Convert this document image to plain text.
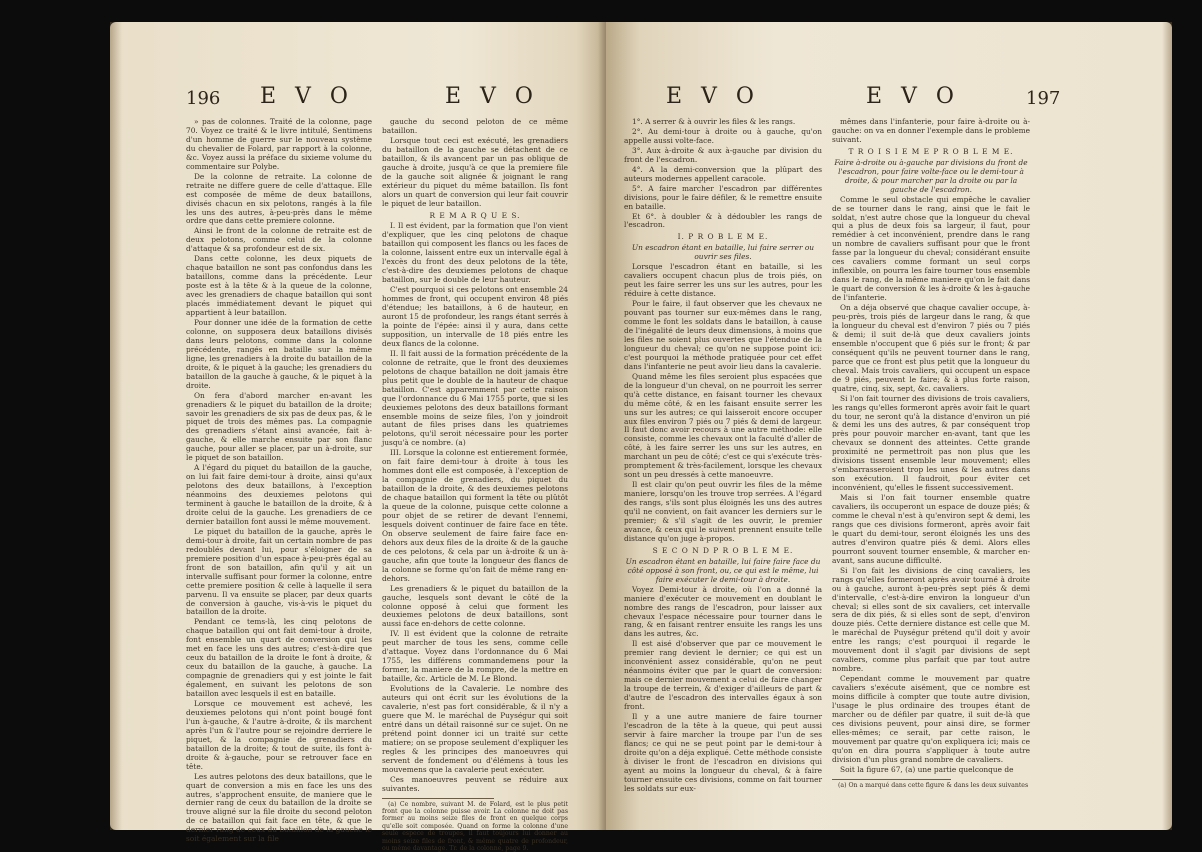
196 E V O	E V O

» pas de colonnes. Traité de la colonne, page 70. Voyez ce traité & le livre intitulé, Sentimens d'un homme de guerre sur le nouveau système du chevalier de Folard, par rapport à la colonne, &c. Voyez aussi la préface du sixieme volume du commentaire sur Polybe.

De la colonne de retraite. La colonne de retraite ne differe guere de celle d'attaque. Elle est composée de même de deux bataillons, divisés chacun en six pelotons, rangés à la file les uns des autres, à-peu-près dans le même ordre que dans cette premiere colonne.

Ainsi le front de la colonne de retraite est de deux pelotons, comme celui de la colonne d'attaque & sa profondeur est de six.

Dans cette colonne, les deux piquets de chaque bataillon ne sont pas confondus dans les bataillons, comme dans la précédente. Leur poste est à la tête & à la queue de la colonne, avec les grenadiers de chaque bataillon qui sont placés immédiatement devant le piquet qui appartient à leur bataillon.

Pour donner une idée de la formation de cette colonne, on supposera deux bataillons divisés dans leurs pelotons, comme dans la colonne précédente, rangés en bataille sur la même ligne, les grenadiers à la droite du bataillon de la droite, & le piquet à la gauche; les grenadiers du bataillon de la gauche à gauche, & le piquet à la droite.

On fera d'abord marcher en-avant les grenadiers & le piquet du bataillon de la droite; savoir les grenadiers de six pas de deux pas, & le piquet de trois des mêmes pas. La compagnie des grenadiers s'étant ainsi avancée, fait à-gauche, & elle marche ensuite par son flanc gauche, pour aller se placer, par un à-droite, sur le piquet de son bataillon.

A l'égard du piquet du bataillon de la gauche, on lui fait faire demi-tour à droite, ainsi qu'aux pelotons des deux bataillons, à l'exception néanmoins des deuxiemes pelotons qui terminent à gauche le bataillon de la droite, & à droite celui de la gauche. Les grenadiers de ce dernier bataillon font aussi le même mouvement.

Le piquet du bataillon de la gauche, après le demi-tour à droite, fait un certain nombre de pas redoublés devant lui, pour s'éloigner de sa premiere position d'un espace à-peu-près égal au front de son bataillon, afin qu'il y ait un intervalle suffisant pour former la colonne, entre cette premiere position & celle à laquelle il sera parvenu. Il va ensuite se placer, par deux quarts de conversion à gauche, vis-à-vis le piquet du bataillon de la droite.

Pendant ce tems-là, les cinq pelotons de chaque bataillon qui ont fait demi-tour à droite, font ensemble un quart de conversion qui les met en face les uns des autres; c'est-à-dire que ceux du bataillon de la droite le font à droite, & ceux du bataillon de la gauche, à gauche. La compagnie de grenadiers qui y est jointe le fait également, en suivant les pelotons de son bataillon avec lesquels il est en bataille.

Lorsque ce mouvement est achevé, les deuxiemes pelotons qui n'ont point bougé font l'un à-gauche, & l'autre à-droite, & ils marchent après l'un & l'autre pour se rejoindre derriere le piquet, & la compagnie de grenadiers du bataillon de la droite; & tout de suite, ils font à-droite & à-gauche, pour se retrouver face en tête.

Les autres pelotons des deux bataillons, que le quart de conversion a mis en face les uns des autres, s'approchent ensuite, de maniere que le dernier rang de ceux du bataillon de la droite se trouve aligné sur la file droite du second peloton de ce bataillon qui fait face en tête, & que le dernier rang de ceux du bataillon de la gauche le soit également sur la file

gauche du second peloton de ce même bataillon.

Lorsque tout ceci est exécuté, les grenadiers du bataillon de la gauche se détachent de ce bataillon, & ils avancent par un pas oblique de gauche à droite, jusqu'à ce que la premiere file de la gauche soit alignée & joignant le rang extérieur du piquet du même bataillon. Ils font alors un quart de conversion qui leur fait couvrir le piquet de leur bataillon.

R E M A R Q U E S.

I. Il est évident, par la formation que l'on vient d'expliquer, que les cinq pelotons de chaque bataillon qui composent les flancs ou les faces de la colonne, laissent entre eux un intervalle égal à l'excès du front des deux pelotons de la tête, c'est-à-dire des deuxiemes pelotons de chaque bataillon, sur le double de leur hauteur.

C'est pourquoi si ces pelotons ont ensemble 24 hommes de front, qui occupent environ 48 piés d'étendue; les bataillons, à 6 de hauteur, en auront 15 de profondeur, les rangs étant serrés à la pointe de l'épée: ainsi il y aura, dans cette supposition, un intervalle de 18 piés entre les deux flancs de la colonne.

II. Il fait aussi de la formation précédente de la colonne de retraite, que le front des deuxiemes pelotons de chaque bataillon ne doit jamais être plus petit que le double de la hauteur de chaque bataillon. C'est apparemment par cette raison que l'ordonnance du 6 Mai 1755 porte, que si les deuxiemes pelotons des deux bataillons formant ensemble moins de seize files, l'on y joindroit autant de files prises dans les quatriemes pelotons, qu'il seroit nécessaire pour les porter jusqu'à ce nombre. (a)

III. Lorsque la colonne est entierement formée, on fait faire demi-tour à droite à tous les hommes dont elle est composée, à l'exception de la compagnie de grenadiers, du piquet du bataillon de la droite, & des deuxiemes pelotons de chaque bataillon qui forment la tête ou plûtôt la queue de la colonne, puisque cette colonne a pour objet de se retirer de devant l'ennemi, lesquels doivent continuer de faire face en tête. On observe seulement de faire faire face en-dehors aux deux files de la droite & de la gauche de ces pelotons, & cela par un à-droite & un à-gauche, afin que toute la longueur des flancs de la colonne se forme qu'on fait de même rang en-dehors.

Les grenadiers & le piquet du bataillon de la gauche, lesquels sont devant le côté de la colonne opposé à celui que forment les deuxiemes pelotons de deux bataillons, sont aussi face en-dehors de cette colonne.

IV. Il est évident que la colonne de retraite peut marcher de tous les sens, comme celle d'attaque. Voyez dans l'ordonnance du 6 Mai 1755, les différens commandemens pour la former, la maniere de la rompre, de la mettre en bataille, &c. Article de M. Le Blond.

Evolutions de la Cavalerie. Le nombre des auteurs qui ont écrit sur les évolutions de la cavalerie, n'est pas fort considérable, & il n'y a guere que M. le maréchal de Puységur qui soit entré dans un détail raisonné sur ce sujet. On ne prétend point donner ici un traité sur cette matiere; on se propose seulement d'expliquer les regles & les principes des manoeuvres qui servent de fondement ou d'élémens à tous les mouvemens que la cavalerie peut exécuter.

Ces manoeuvres peuvent se réduire aux suivantes.

(a) Ce nombre, suivant M. de Folard, est le plus petit front que la colonne puisse avoir. La colonne ne doit pas former au moins seize files de front en quelque corps qu'elle soit composée. Quand on forme la colonne d'une seule espece de troupes, il faut toûjours lui donner au moins seize files de front, & même quatre de profondeur, ou même davantage. Tr. de la colonne, page 9.

E V O	E V O	197

1°. A serrer & à ouvrir les files & les rangs.

2°. Au demi-tour à droite ou à gauche, qu'on appelle aussi volte-face.

3°. Aux à-droite & aux à-gauche par division du front de l'escadron.

4°. A la demi-conversion que la plûpart des auteurs modernes appellent caracole.

5°. A faire marcher l'escadron par différentes divisions, pour le faire défiler, & le remettre ensuite en bataille.

Et 6°. à doubler & à dédoubler les rangs de l'escadron.

I. P R O B L E M E.

Un escadron étant en bataille, lui faire serrer ou ouvrir ses files.

Lorsque l'escadron étant en bataille, si les cavaliers occupent chacun plus de trois piés, on peut les faire serrer les uns sur les autres, pour les réduire à cette distance.

Pour le faire, il faut observer que les chevaux ne pouvant pas tourner sur eux-mêmes dans le rang, comme le font les soldats dans le bataillon, à cause de l'inégalité de leurs deux dimensions, à moins que les files ne soient plus ouvertes que l'étendue de la longueur du cheval; ce qu'on ne suppose point ici: c'est pourquoi la méthode pratiquée pour cet effet dans l'infanterie ne peut avoir lieu dans la cavalerie.

Quand même les files seroient plus espacées que de la longueur d'un cheval, on ne pourroit les serrer qu'à cette distance, en faisant tourner les chevaux du même côté, & en les faisant ensuite serrer les uns sur les autres; ce qui laisseroit encore occuper aux files environ 7 piés ou 7 piés & demi de largeur. Il faut donc avoir recours à une autre méthode: elle consiste, comme les chevaux ont la faculté d'aller de côté, à les faire serrer les uns sur les autres, en marchant un peu de côté; c'est ce qui s'exécute très-promptement & très-facilement, lorsque les chevaux sont un peu dressés à cette manoeuvre.

Il est clair qu'on peut ouvrir les files de la même maniere, lorsqu'on les trouve trop serrées. A l'égard des rangs, s'ils sont plus éloignés les uns des autres qu'il ne convient, on fait avancer les derniers sur le premier; & s'il s'agit de les ouvrir, le premier avance, & ceux qui le suivent prennent ensuite telle distance qu'on juge à-propos.

S E C O N D P R O B L E M E.

Un escadron étant en bataille, lui faire faire face du côté opposé à son front, ou, ce qui est le même, lui faire exécuter le demi-tour à droite.

Voyez Demi-tour à droite, où l'on a donné la maniere d'exécuter ce mouvement en doublant le nombre des rangs de l'escadron, pour laisser aux chevaux l'espace nécessaire pour tourner dans le rang, & en faisant rentrer ensuite les rangs les uns dans les autres, &c.

Il est aisé d'observer que par ce mouvement le premier rang devient le dernier; ce qui est un inconvénient assez considérable, qu'on ne peut néanmoins éviter que par le quart de conversion: mais ce dernier mouvement a celui de faire changer la troupe de terrein, & d'exiger d'ailleurs de part & d'autre de l'escadron des intervalles égaux à son front.

Il y a une autre maniere de faire tourner l'escadron de la tête à la queue, qui peut aussi servir à faire marcher la troupe par l'un de ses flancs; ce qui ne se peut point par le demi-tour à droite qu'on a déja expliqué. Cette méthode consiste à diviser le front de l'escadron en divisions qui ayent au moins la longueur du cheval, & à faire tourner ensuite ces divisions, comme on fait tourner les soldats sur eux-

mêmes dans l'infanterie, pour faire à-droite ou à-gauche: on va en donner l'exemple dans le probleme suivant.

T R O I S I E M E P R O B L E M E.

Faire à-droite ou à-gauche par divisions du front de l'escadron, pour faire volte-face ou le demi-tour à droite, & pour marcher par la droite ou par la gauche de l'escadron.

Comme le seul obstacle qui empêche le cavalier de se tourner dans le rang, ainsi que le fait le soldat, n'est autre chose que la longueur du cheval qui a plus de deux fois sa largeur, il faut, pour remédier à cet inconvénient, prendre dans le rang un nombre de cavaliers suffisant pour que le front fasse par la longueur du cheval; considérant ensuite ces cavaliers comme formant un seul corps inflexible, on pourra les faire tourner tous ensemble dans le rang, de la même maniere qu'on le fait dans le quart de conversion & les à-droite & les à-gauche de l'infanterie.

On a déja observé que chaque cavalier occupe, à-peu-près, trois piés de largeur dans le rang, & que la longueur du cheval est d'environ 7 piés ou 7 piés & demi; il suit de-là que deux cavaliers joints ensemble n'occupent que 6 piés sur le front; & par conséquent qu'ils ne peuvent tourner dans le rang, parce que ce front est plus petit que la longueur du cheval. Mais trois cavaliers, qui occupent un espace de 9 piés, peuvent le faire; & à plus forte raison, quatre, cinq, six, sept, &c. cavaliers.

Si l'on fait tourner des divisions de trois cavaliers, les rangs qu'elles formeront après avoir fait le quart du tour, ne seront qu'à la distance d'environ un pié & demi les uns des autres, & par conséquent trop près pour pouvoir marcher en-avant, tant que les chevaux se donnent des atteintes. Cette grande proximité ne permettroit pas non plus que les divisions tissent ensemble leur mouvement; elles s'embarrasseroient trop les unes & les autres dans son exécution. Il faudroit, pour éviter cet inconvénient, qu'elles le fissent successivement.

Mais si l'on fait tourner ensemble quatre cavaliers, ils occuperont un espace de douze piés; & comme le cheval n'est à qu'environ sept & demi, les rangs que ces divisions formeront, après avoir fait le quart du demi-tour, seront éloignés les uns des autres d'environ quatre piés & demi. Alors elles pourront souvent tourner ensemble, & marcher en-avant, sans aucune difficulté.

Si l'on fait les divisions de cinq cavaliers, les rangs qu'elles formeront après avoir tourné à droite ou à gauche, auront à-peu-près sept piés & demi d'intervalle, c'est-à-dire environ la longueur d'un cheval; si elles sont de six cavaliers, cet intervalle sera de dix piés, & si elles sont de sept, d'environ douze piés. Cette derniere distance est celle que M. le maréchal de Puységur prétend qu'il doit y avoir entre les rangs; c'est pourquoi il regarde le mouvement dont il s'agit par divisions de sept cavaliers, comme plus parfait que par tout autre nombre.

Cependant comme le mouvement par quatre cavaliers s'exécute aisément, que ce nombre est moins difficile à compter que toute autre division, l'usage le plus ordinaire des troupes étant de marcher ou de défiler par quatre, il suit de-là que ces divisions peuvent, pour ainsi dire, se former elles-mêmes; ce serait, par cette raison, le mouvement par quatre qu'on expliquera ici; mais ce qu'on en dira pourra s'appliquer à toute autre division d'un plus grand nombre de cavaliers.

Soit la figure 67, (a) une partie quelconque de

(a) On a marqué dans cette figure & dans les deux suivantes
